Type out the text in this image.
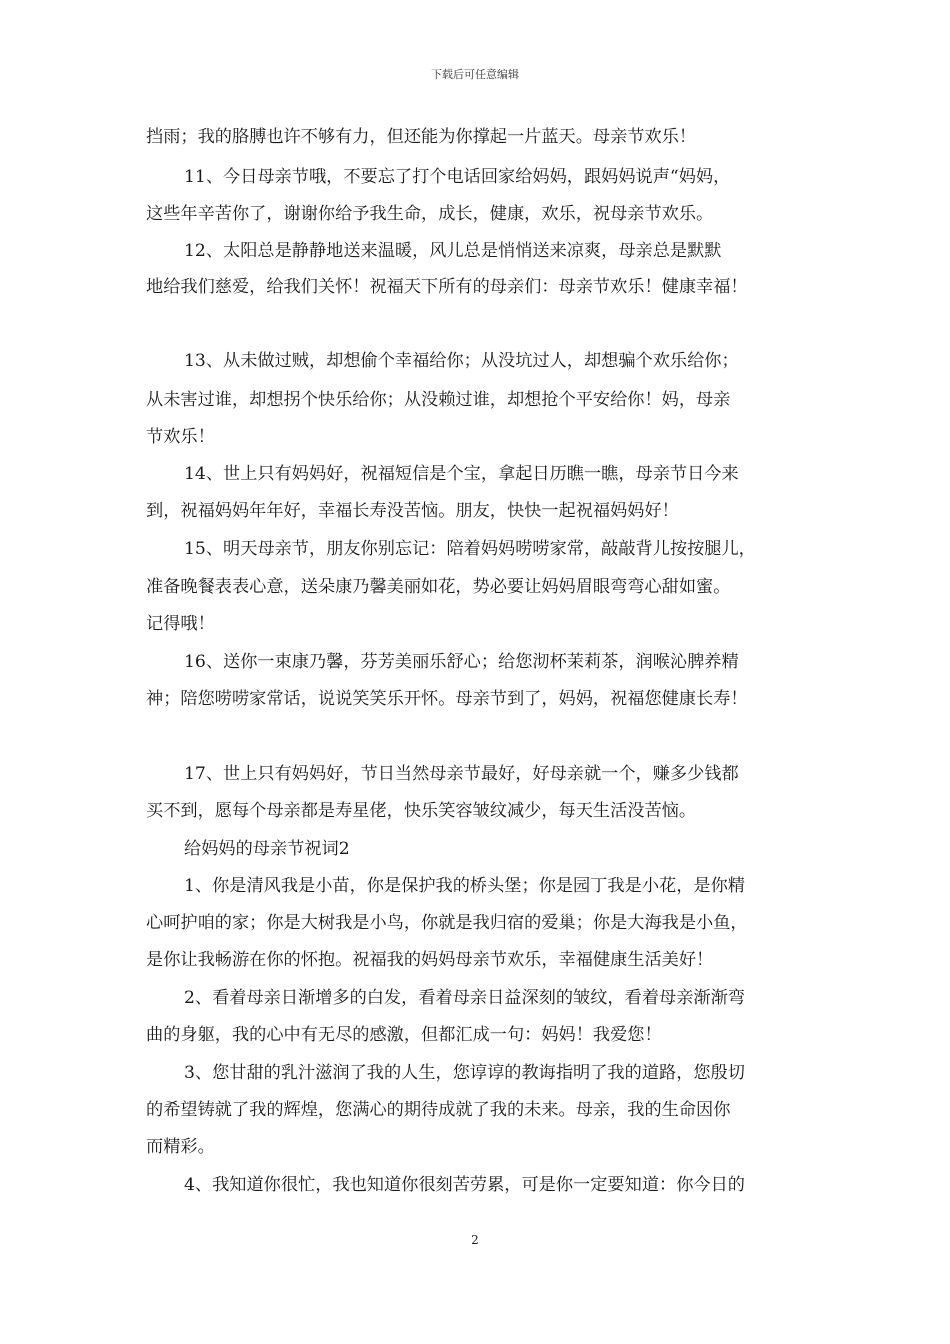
下载后可任意编辑
挡雨；我的胳膊也许不够有力，但还能为你撑起一片蓝天。母亲节欢乐！
11、今日母亲节哦，不要忘了打个电话回家给妈妈，跟妈妈说声“妈妈，
这些年辛苦你了，谢谢你给予我生命，成长，健康，欢乐，祝母亲节欢乐。
12、太阳总是静静地送来温暖，风儿总是悄悄送来凉爽，母亲总是默默
地给我们慈爱，给我们关怀！祝福天下所有的母亲们：母亲节欢乐！健康幸福！
13、从未做过贼，却想偷个幸福给你；从没坑过人，却想骗个欢乐给你；
从未害过谁，却想拐个快乐给你；从没赖过谁，却想抢个平安给你！妈，母亲
节欢乐！
14、世上只有妈妈好，祝福短信是个宝，拿起日历瞧一瞧，母亲节日今来
到，祝福妈妈年年好，幸福长寿没苦恼。朋友，快快一起祝福妈妈好！
15、明天母亲节，朋友你别忘记：陪着妈妈唠唠家常，敲敲背儿按按腿儿，
准备晚餐表表心意，送朵康乃馨美丽如花，势必要让妈妈眉眼弯弯心甜如蜜。
记得哦！
16、送你一束康乃馨，芬芳美丽乐舒心；给您沏杯茉莉茶，润喉沁脾养精
神；陪您唠唠家常话，说说笑笑乐开怀。母亲节到了，妈妈，祝福您健康长寿！
17、世上只有妈妈好，节日当然母亲节最好，好母亲就一个，赚多少钱都
买不到，愿每个母亲都是寿星佬，快乐笑容皱纹减少，每天生活没苦恼。
给妈妈的母亲节祝词2
1、你是清风我是小苗，你是保护我的桥头堡；你是园丁我是小花，是你精
心呵护咱的家；你是大树我是小鸟，你就是我归宿的爱巢；你是大海我是小鱼，
是你让我畅游在你的怀抱。祝福我的妈妈母亲节欢乐，幸福健康生活美好！
2、看着母亲日渐增多的白发，看着母亲日益深刻的皱纹，看着母亲渐渐弯
曲的身躯，我的心中有无尽的感激，但都汇成一句：妈妈！我爱您！
3、您甘甜的乳汁滋润了我的人生，您谆谆的教诲指明了我的道路，您殷切
的希望铸就了我的辉煌，您满心的期待成就了我的未来。母亲，我的生命因你
而精彩。
4、我知道你很忙，我也知道你很刻苦劳累，可是你一定要知道：你今日的
2
